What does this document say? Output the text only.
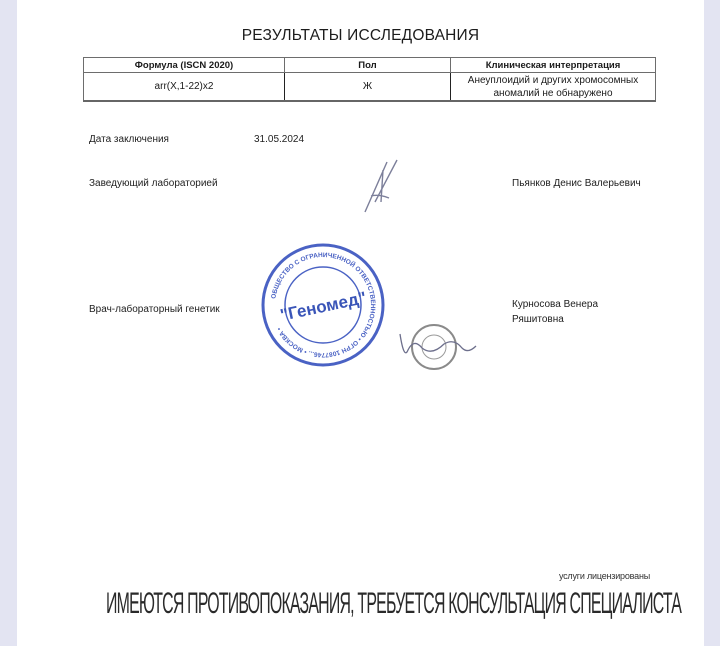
РЕЗУЛЬТАТЫ ИССЛЕДОВАНИЯ
Формула (ISCN 2020)	Пол	Клиническая интерпретация
arr(X,1-22)x2	Ж	Анеуплоидий и других хромосомных аномалий не обнаружено
Дата заключения	31.05.2024
Заведующий лабораторией	Пьянков Денис Валерьевич
Врач-лабораторный генетик	Курносова Венера
Ряшитовна
ОБЩЕСТВО С ОГРАНИЧЕННОЙ ОТВЕТСТВЕННОСТЬЮ • ОГРН 1087746... • МОСКВА •
"Геномед"
услуги лицензированы
ИМЕЮТСЯ ПРОТИВОПОКАЗАНИЯ, ТРЕБУЕТСЯ КОНСУЛЬТАЦИЯ СПЕЦИАЛИСТА
